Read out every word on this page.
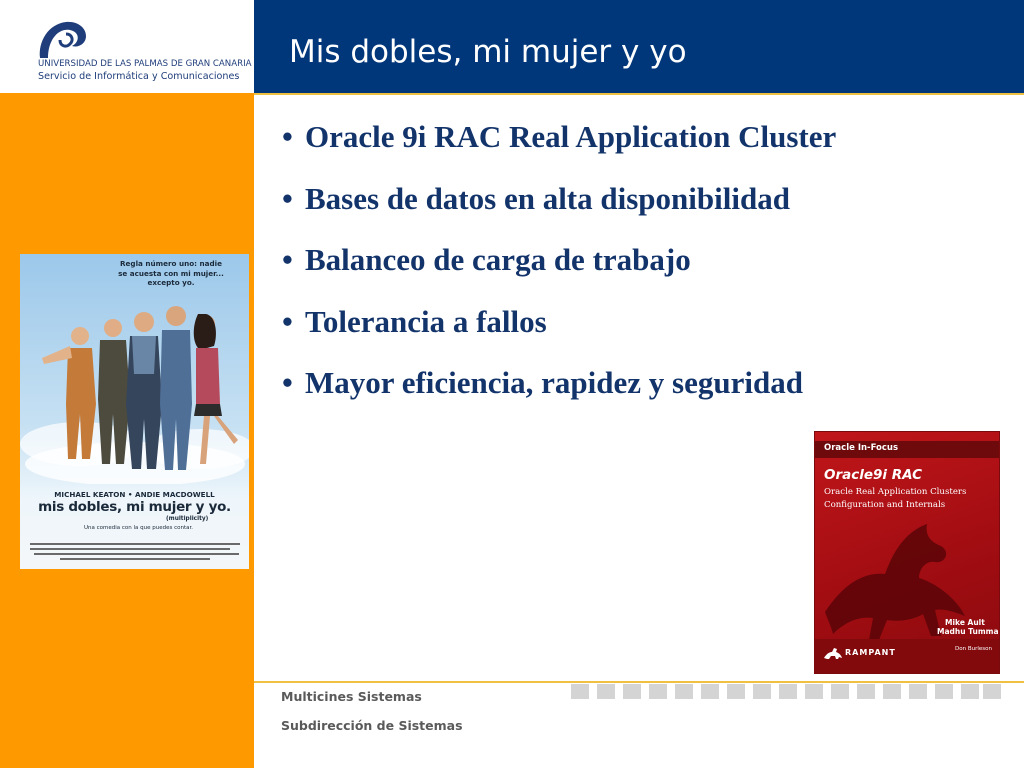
UNIVERSIDAD DE LAS PALMAS DE GRAN CANARIA
Servicio de Informática y Comunicaciones
Mis dobles, mi mujer y yo
Regla número uno: nadie se acuesta con mi mujer... excepto yo.
MICHAEL KEATON • ANDIE MACDOWELL
mis dobles, mi mujer y yo.
(multiplicity)
Una comedia con la que puedes contar.
• Oracle 9i RAC Real Application Cluster
• Bases de datos en alta disponibilidad
• Balanceo de carga de trabajo
• Tolerancia a fallos
• Mayor eficiencia, rapidez y seguridad
Oracle In-Focus
Oracle9i RAC
Oracle Real Application Clusters
Configuration and Internals
Mike Ault
Madhu Tumma
RAMPANT	Don Burleson
Multicines Sistemas
Subdirección de Sistemas
